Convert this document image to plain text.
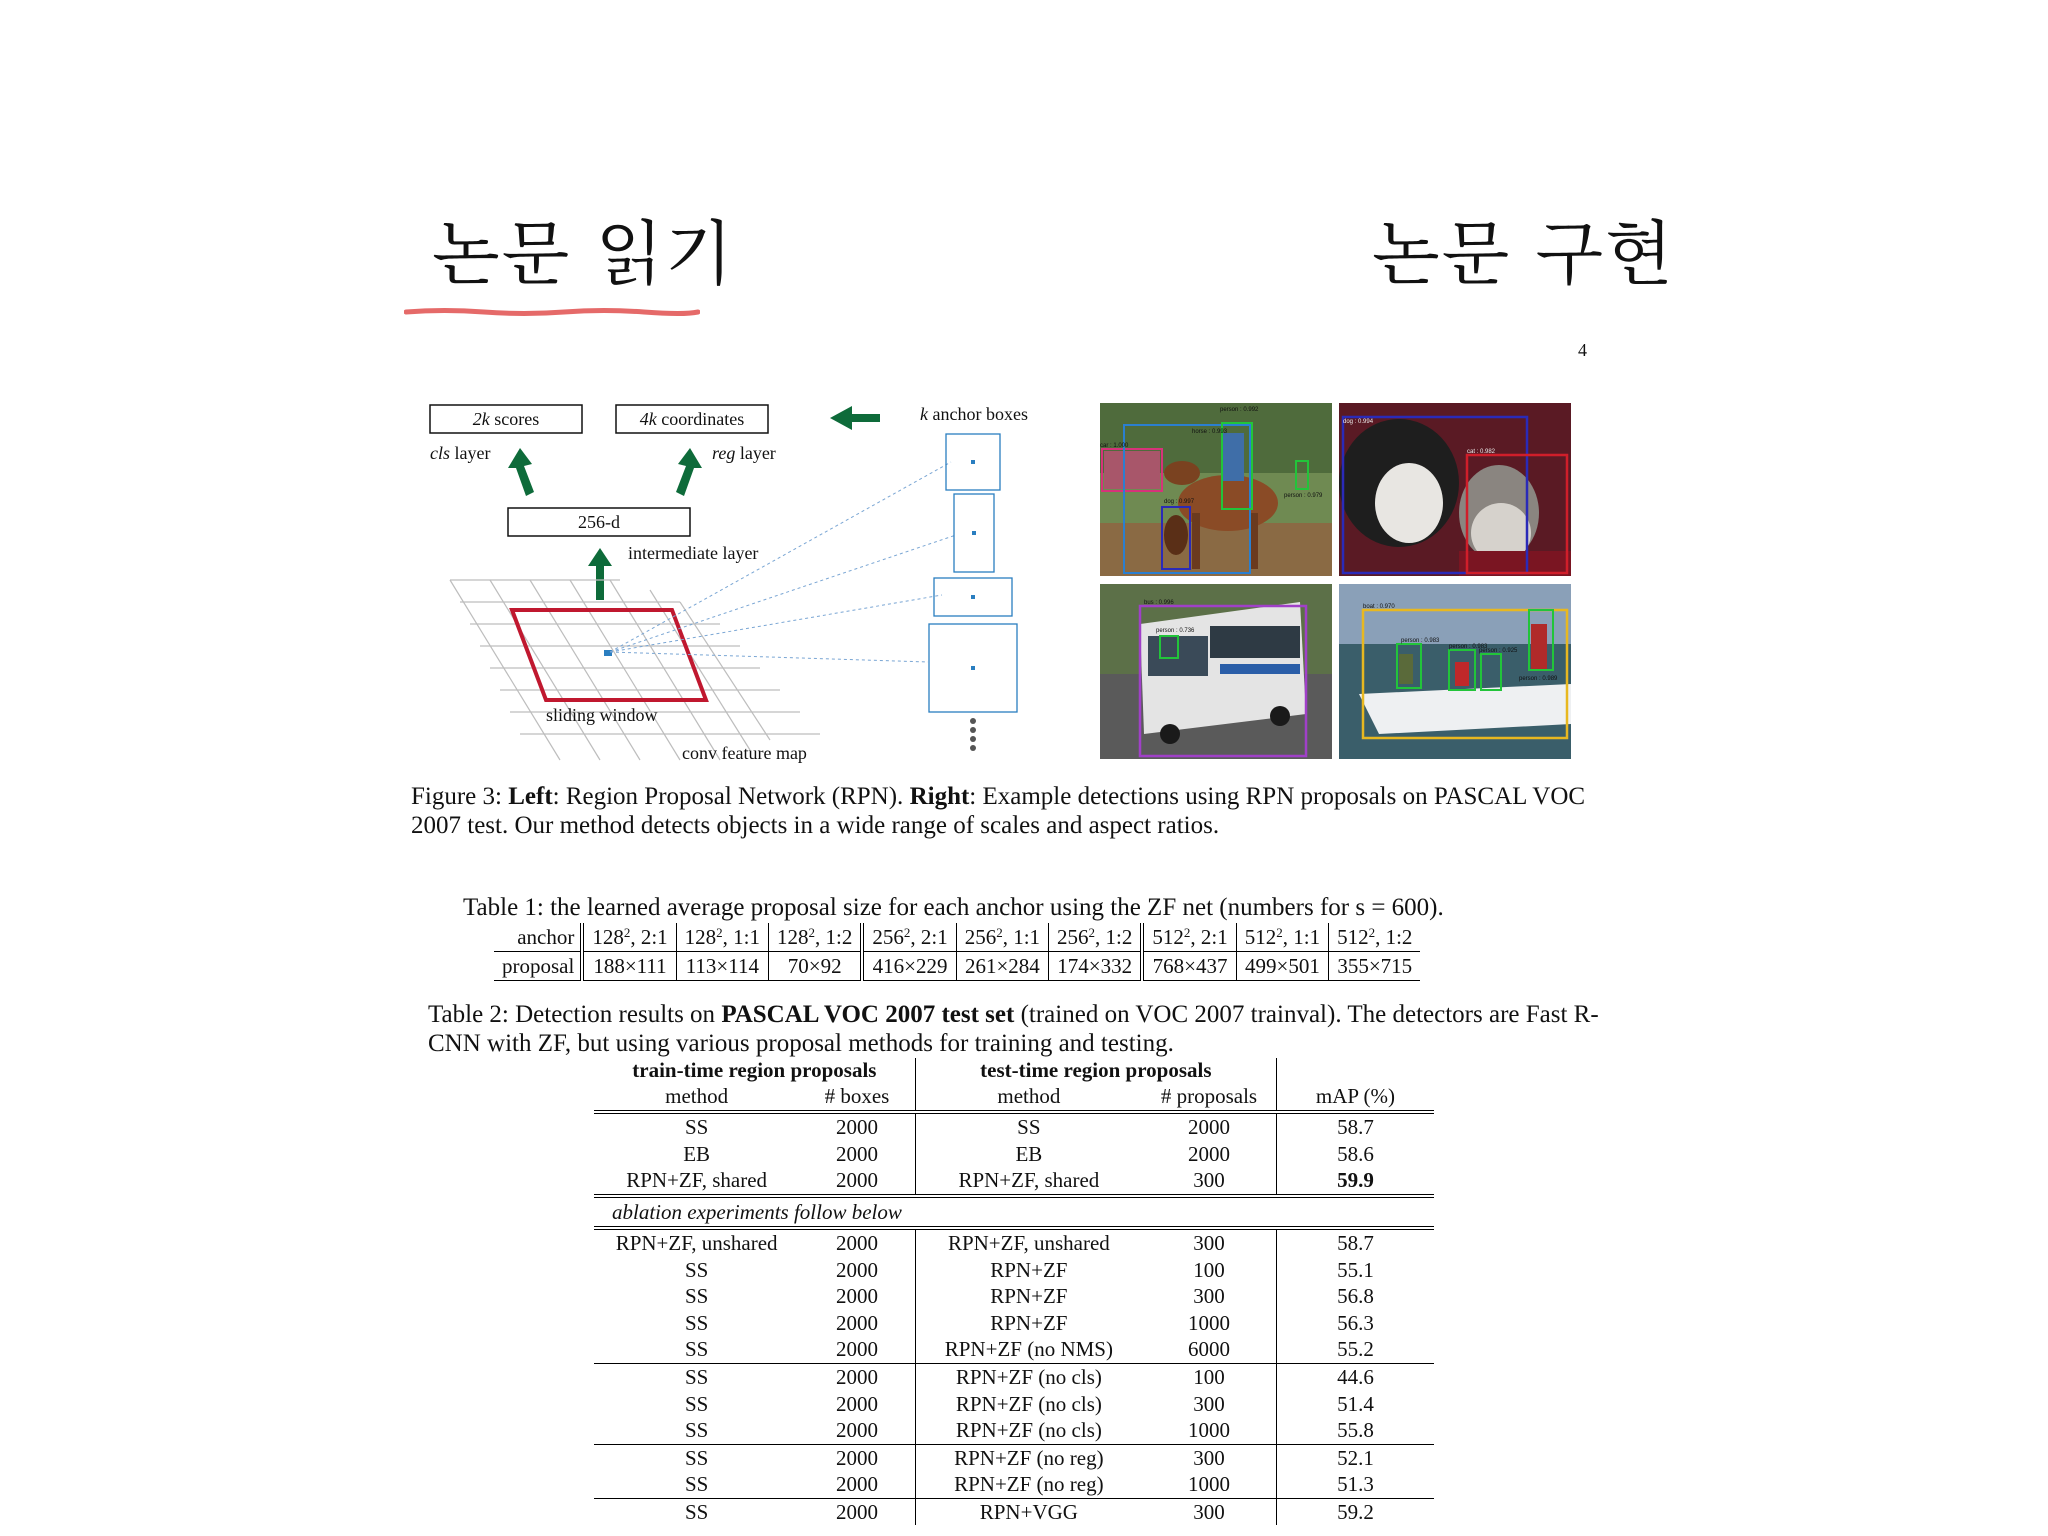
논문 읽기	논문 구현
4
2k scores	4k coordinates
cls layer	reg layer
256-d
intermediate layer
sliding window
conv feature map
k anchor boxes	person : 0.992
horse : 0.993
car : 1.000
dog : 0.997
person : 0.979
dog : 0.994
cat : 0.982
bus : 0.996
person : 0.736
boat : 0.970
person : 0.989
person : 0.983
person : 0.983
person : 0.925
Figure 3: Left: Region Proposal Network (RPN). Right: Example detections using RPN proposals on PASCAL VOC 2007 test. Our method detects objects in a wide range of scales and aspect ratios.
Table 1: the learned average proposal size for each anchor using the ZF net (numbers for s = 600).
anchor	$128^2$, 2:1	$128^2$, 1:1	$128^2$, 1:2	$256^2$, 2:1	$256^2$, 1:1	$256^2$, 1:2	$512^2$, 2:1	$512^2$, 1:1	$512^2$, 1:2
proposal	188×111	113×114	70×92	416×229	261×284	174×332	768×437	499×501	355×715
Table 2: Detection results on PASCAL VOC 2007 test set (trained on VOC 2007 trainval). The detectors are Fast R-CNN with ZF, but using various proposal methods for training and testing.
train-time region proposals		test-time region proposals		
method	# boxes	method	# proposals	mAP (%)
SS	2000	SS	2000	58.7
EB	2000	EB	2000	58.6
RPN+ZF, shared	2000	RPN+ZF, shared	300	59.9
ablation experiments follow below				
RPN+ZF, unshared	2000	RPN+ZF, unshared	300	58.7
SS	2000	RPN+ZF	100	55.1
SS	2000	RPN+ZF	300	56.8
SS	2000	RPN+ZF	1000	56.3
SS	2000	RPN+ZF (no NMS)	6000	55.2
SS	2000	RPN+ZF (no cls)	100	44.6
SS	2000	RPN+ZF (no cls)	300	51.4
SS	2000	RPN+ZF (no cls)	1000	55.8
SS	2000	RPN+ZF (no reg)	300	52.1
SS	2000	RPN+ZF (no reg)	1000	51.3
SS	2000	RPN+VGG	300	59.2
